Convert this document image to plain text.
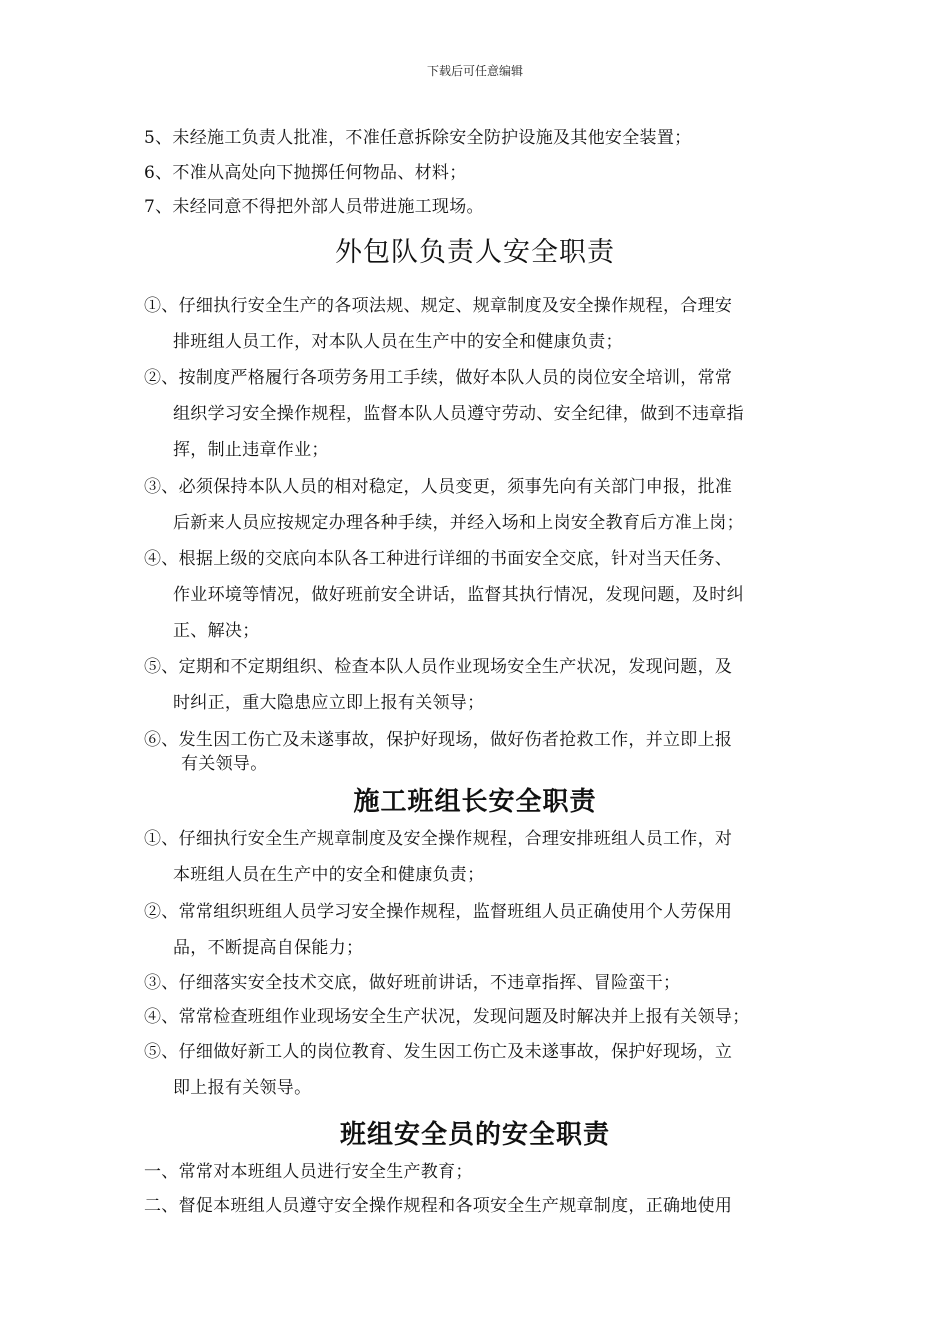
下载后可任意编辑
5、未经施工负责人批准，不准任意拆除安全防护设施及其他安全装置；
6、不准从高处向下抛掷任何物品、材料；
7、未经同意不得把外部人员带进施工现场。
外包队负责人安全职责
①、仔细执行安全生产的各项法规、规定、规章制度及安全操作规程，合理安
排班组人员工作，对本队人员在生产中的安全和健康负责；
②、按制度严格履行各项劳务用工手续，做好本队人员的岗位安全培训，常常
组织学习安全操作规程，监督本队人员遵守劳动、安全纪律，做到不违章指
挥，制止违章作业；
③、必须保持本队人员的相对稳定，人员变更，须事先向有关部门申报，批准
后新来人员应按规定办理各种手续，并经入场和上岗安全教育后方准上岗；
④、根据上级的交底向本队各工种进行详细的书面安全交底，针对当天任务、
作业环境等情况，做好班前安全讲话，监督其执行情况，发现问题，及时纠
正、解决；
⑤、定期和不定期组织、检查本队人员作业现场安全生产状况，发现问题，及
时纠正，重大隐患应立即上报有关领导；
⑥、发生因工伤亡及未遂事故，保护好现场，做好伤者抢救工作，并立即上报
有关领导。
施工班组长安全职责
①、仔细执行安全生产规章制度及安全操作规程，合理安排班组人员工作，对
本班组人员在生产中的安全和健康负责；
②、常常组织班组人员学习安全操作规程，监督班组人员正确使用个人劳保用
品，不断提高自保能力；
③、仔细落实安全技术交底，做好班前讲话，不违章指挥、冒险蛮干；
④、常常检查班组作业现场安全生产状况，发现问题及时解决并上报有关领导；
⑤、仔细做好新工人的岗位教育、发生因工伤亡及未遂事故，保护好现场，立
即上报有关领导。
班组安全员的安全职责
一、常常对本班组人员进行安全生产教育；
二、督促本班组人员遵守安全操作规程和各项安全生产规章制度，正确地使用
